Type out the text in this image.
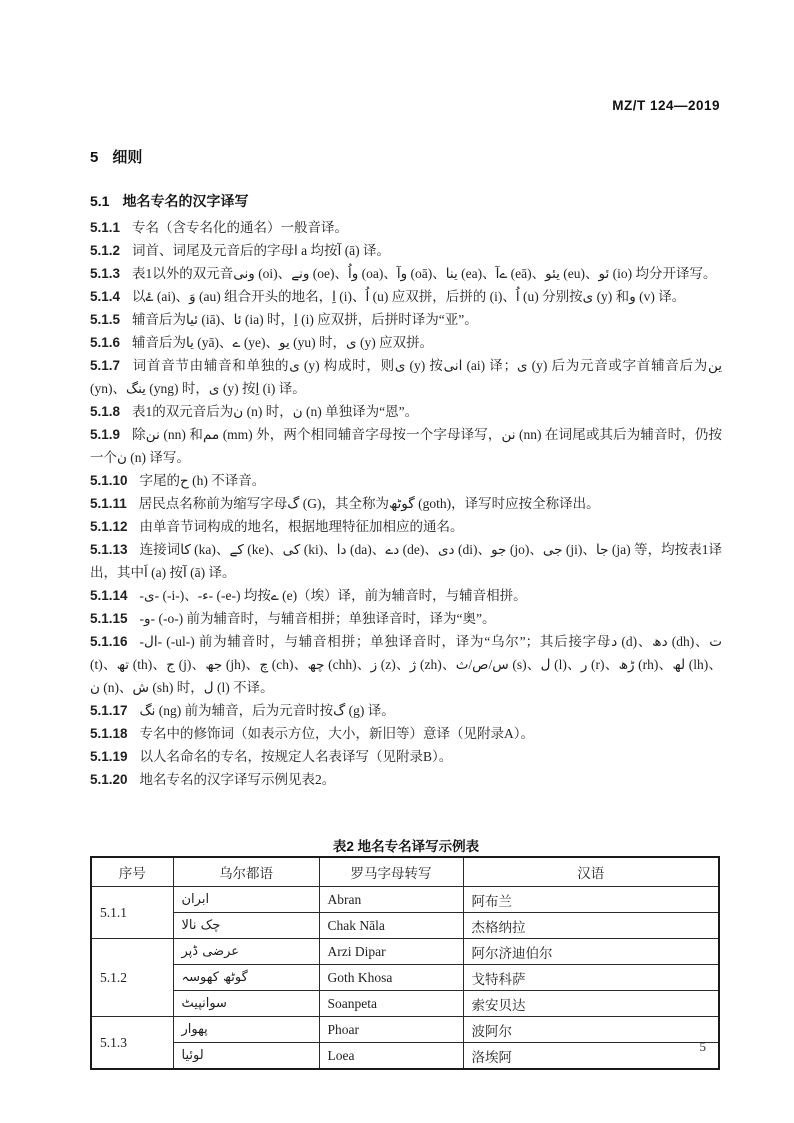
MZ/T 124—2019
5 细则
5.1 地名专名的汉字译写

5.1.1 专名（含专名化的通名）一般音译。

5.1.2 词首、词尾及元音后的字母ا a 均按آ (ā) 译。

5.1.3 表1以外的双元音ونی (oi)、ونے (oe)、واُ (oa)、وآ (oā)、ینا (ea)、ےآ (eā)、یئو (eu)、ئو (io) 均分开译写。

5.1.4 以ۓ (ai)、وَ (au) 组合开头的地名，اِ (i)、اُ (u) 应双拼，后拼的 (i)、اُ (u) 分别按ی (y) 和و (v) 译。

5.1.5 辅音后为ئیا (iā)、ئا (ia) 时，اِ (i) 应双拼，后拼时译为“亚”。

5.1.6 辅音后为یا (yā)、ے (ye)、یو (yu) 时，ی (y) 应双拼。

5.1.7 词首音节由辅音和单独的ی (y) 构成时，则ی (y) 按انی (ai) 译；ی (y) 后为元音或字首辅音后为ین (yn)、ینگ (yng) 时，ی (y) 按اِ (i) 译。

5.1.8 表1的双元音后为ن (n) 时，ن (n) 单独译为“恩”。

5.1.9 除نن (nn) 和مم (mm) 外，两个相同辅音字母按一个字母译写，نن (nn) 在词尾或其后为辅音时，仍按一个ن (n) 译写。

5.1.10 字尾的ح (h) 不译音。

5.1.11 居民点名称前为缩写字母گ (G)，其全称为گوٹھ (goth)，译写时应按全称译出。

5.1.12 由单音节词构成的地名，根据地理特征加相应的通名。

5.1.13 连接词کا (ka)、کے (ke)、کی (ki)、دا (da)、دے (de)、دی (di)、جو (jo)、جی (ji)、جا (ja) 等，均按表1译出，其中اَ (a) 按آ (ā) 译。

5.1.14 -ی- (-i-)、-ء- (-e-) 均按ے (e)（埃）译，前为辅音时，与辅音相拼。

5.1.15 -و- (-o-) 前为辅音时，与辅音相拼；单独译音时，译为“奥”。

5.1.16 -ال- (-ul-) 前为辅音时，与辅音相拼；单独译音时，译为“乌尔”；其后接字母د (d)、دھ (dh)、ت (t)、تھ (th)、ج (j)、جھ (jh)、چ (ch)、چھ (chh)、ز (z)、ژ (zh)、س/ص/ث (s)、ل (l)、ر (r)、ڑھ (rh)、لھ (lh)、ن (n)、ش (sh) 时，ل (l) 不译。

5.1.17 نگ (ng) 前为辅音，后为元音时按گ (g) 译。

5.1.18 专名中的修饰词（如表示方位，大小，新旧等）意译（见附录A）。

5.1.19 以人名命名的专名，按规定人名表译写（见附录B）。

5.1.20 地名专名的汉字译写示例见表2。

表2 地名专名译写示例表

序号	乌尔都语	罗马字母转写	汉语
5.1.1	ابران	Abran	阿布兰
	چک نالا	Chak Nāla	杰格纳拉
5.1.2	عرضی ڈپر	Arzi Dipar	阿尔济迪伯尔
	گوٹھ کھوسہ	Goth Khosa	戈特科萨
	سوانپیٹ	Soanpeta	索安贝达
5.1.3	پھوار	Phoar	波阿尔
	لوئیا	Loea	洛埃阿
5
